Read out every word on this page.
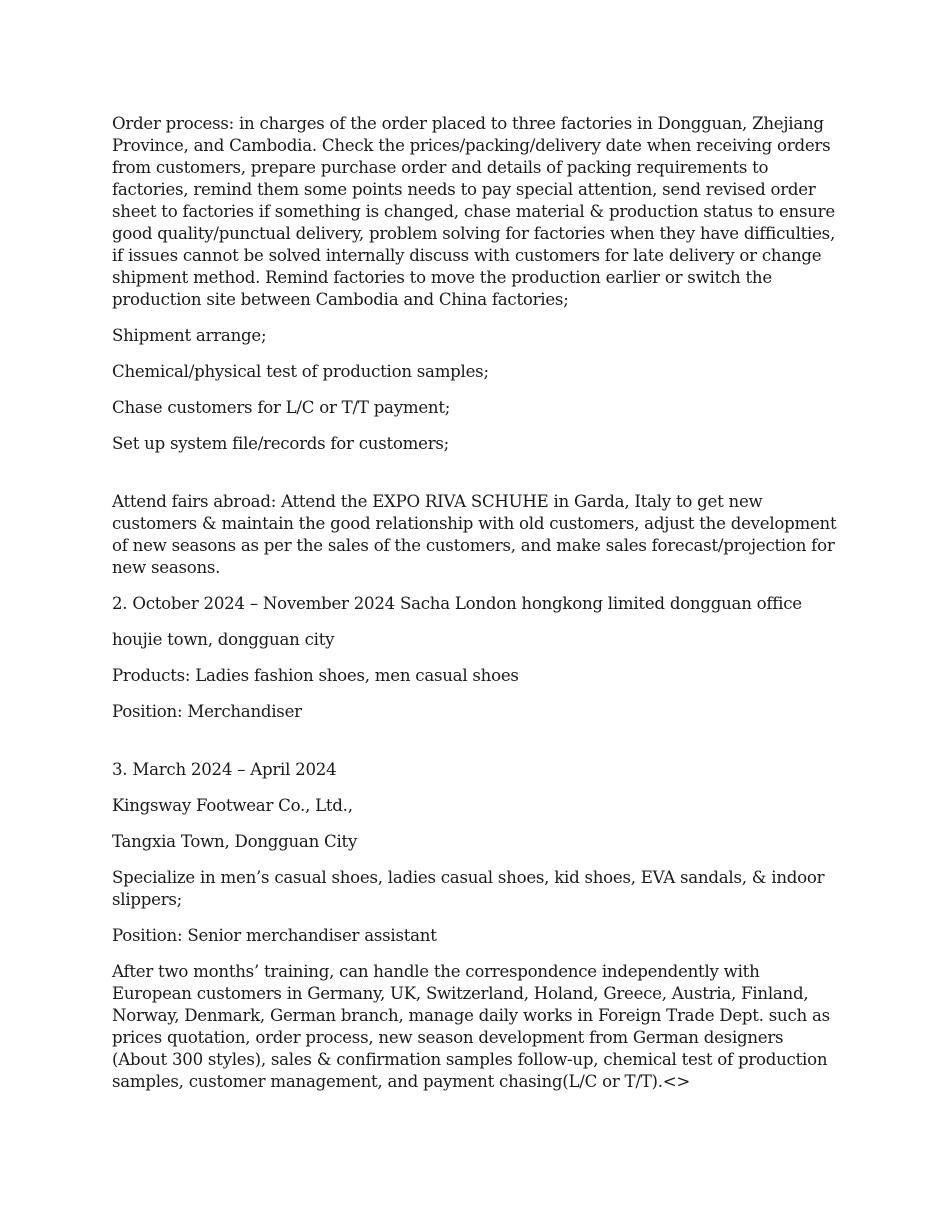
Order process: in charges of the order placed to three factories in Dongguan, Zhejiang Province, and Cambodia. Check the prices/packing/delivery date when receiving orders from customers, prepare purchase order and details of packing requirements to factories, remind them some points needs to pay special attention, send revised order sheet to factories if something is changed, chase material & production status to ensure good quality/punctual delivery, problem solving for factories when they have difficulties, if issues cannot be solved internally discuss with customers for late delivery or change shipment method. Remind factories to move the production earlier or switch the production site between Cambodia and China factories;

Shipment arrange;

Chemical/physical test of production samples;

Chase customers for L/C or T/T payment;

Set up system file/records for customers;

Attend fairs abroad: Attend the EXPO RIVA SCHUHE in Garda, Italy to get new customers & maintain the good relationship with old customers, adjust the development of new seasons as per the sales of the customers, and make sales forecast/projection for new seasons.

2. October 2024 – November 2024 Sacha London hongkong limited dongguan office

houjie town, dongguan city

Products: Ladies fashion shoes, men casual shoes

Position: Merchandiser

3. March 2024 – April 2024

Kingsway Footwear Co., Ltd.,

Tangxia Town, Dongguan City

Specialize in men’s casual shoes, ladies casual shoes, kid shoes, EVA sandals, & indoor slippers;

Position: Senior merchandiser assistant

After two months’ training, can handle the correspondence independently with European customers in Germany, UK, Switzerland, Holand, Greece, Austria, Finland, Norway, Denmark, German branch, manage daily works in Foreign Trade Dept. such as prices quotation, order process, new season development from German designers (About 300 styles), sales & confirmation samples follow-up, chemical test of production samples, customer management, and payment chasing(L/C or T/T).<>
